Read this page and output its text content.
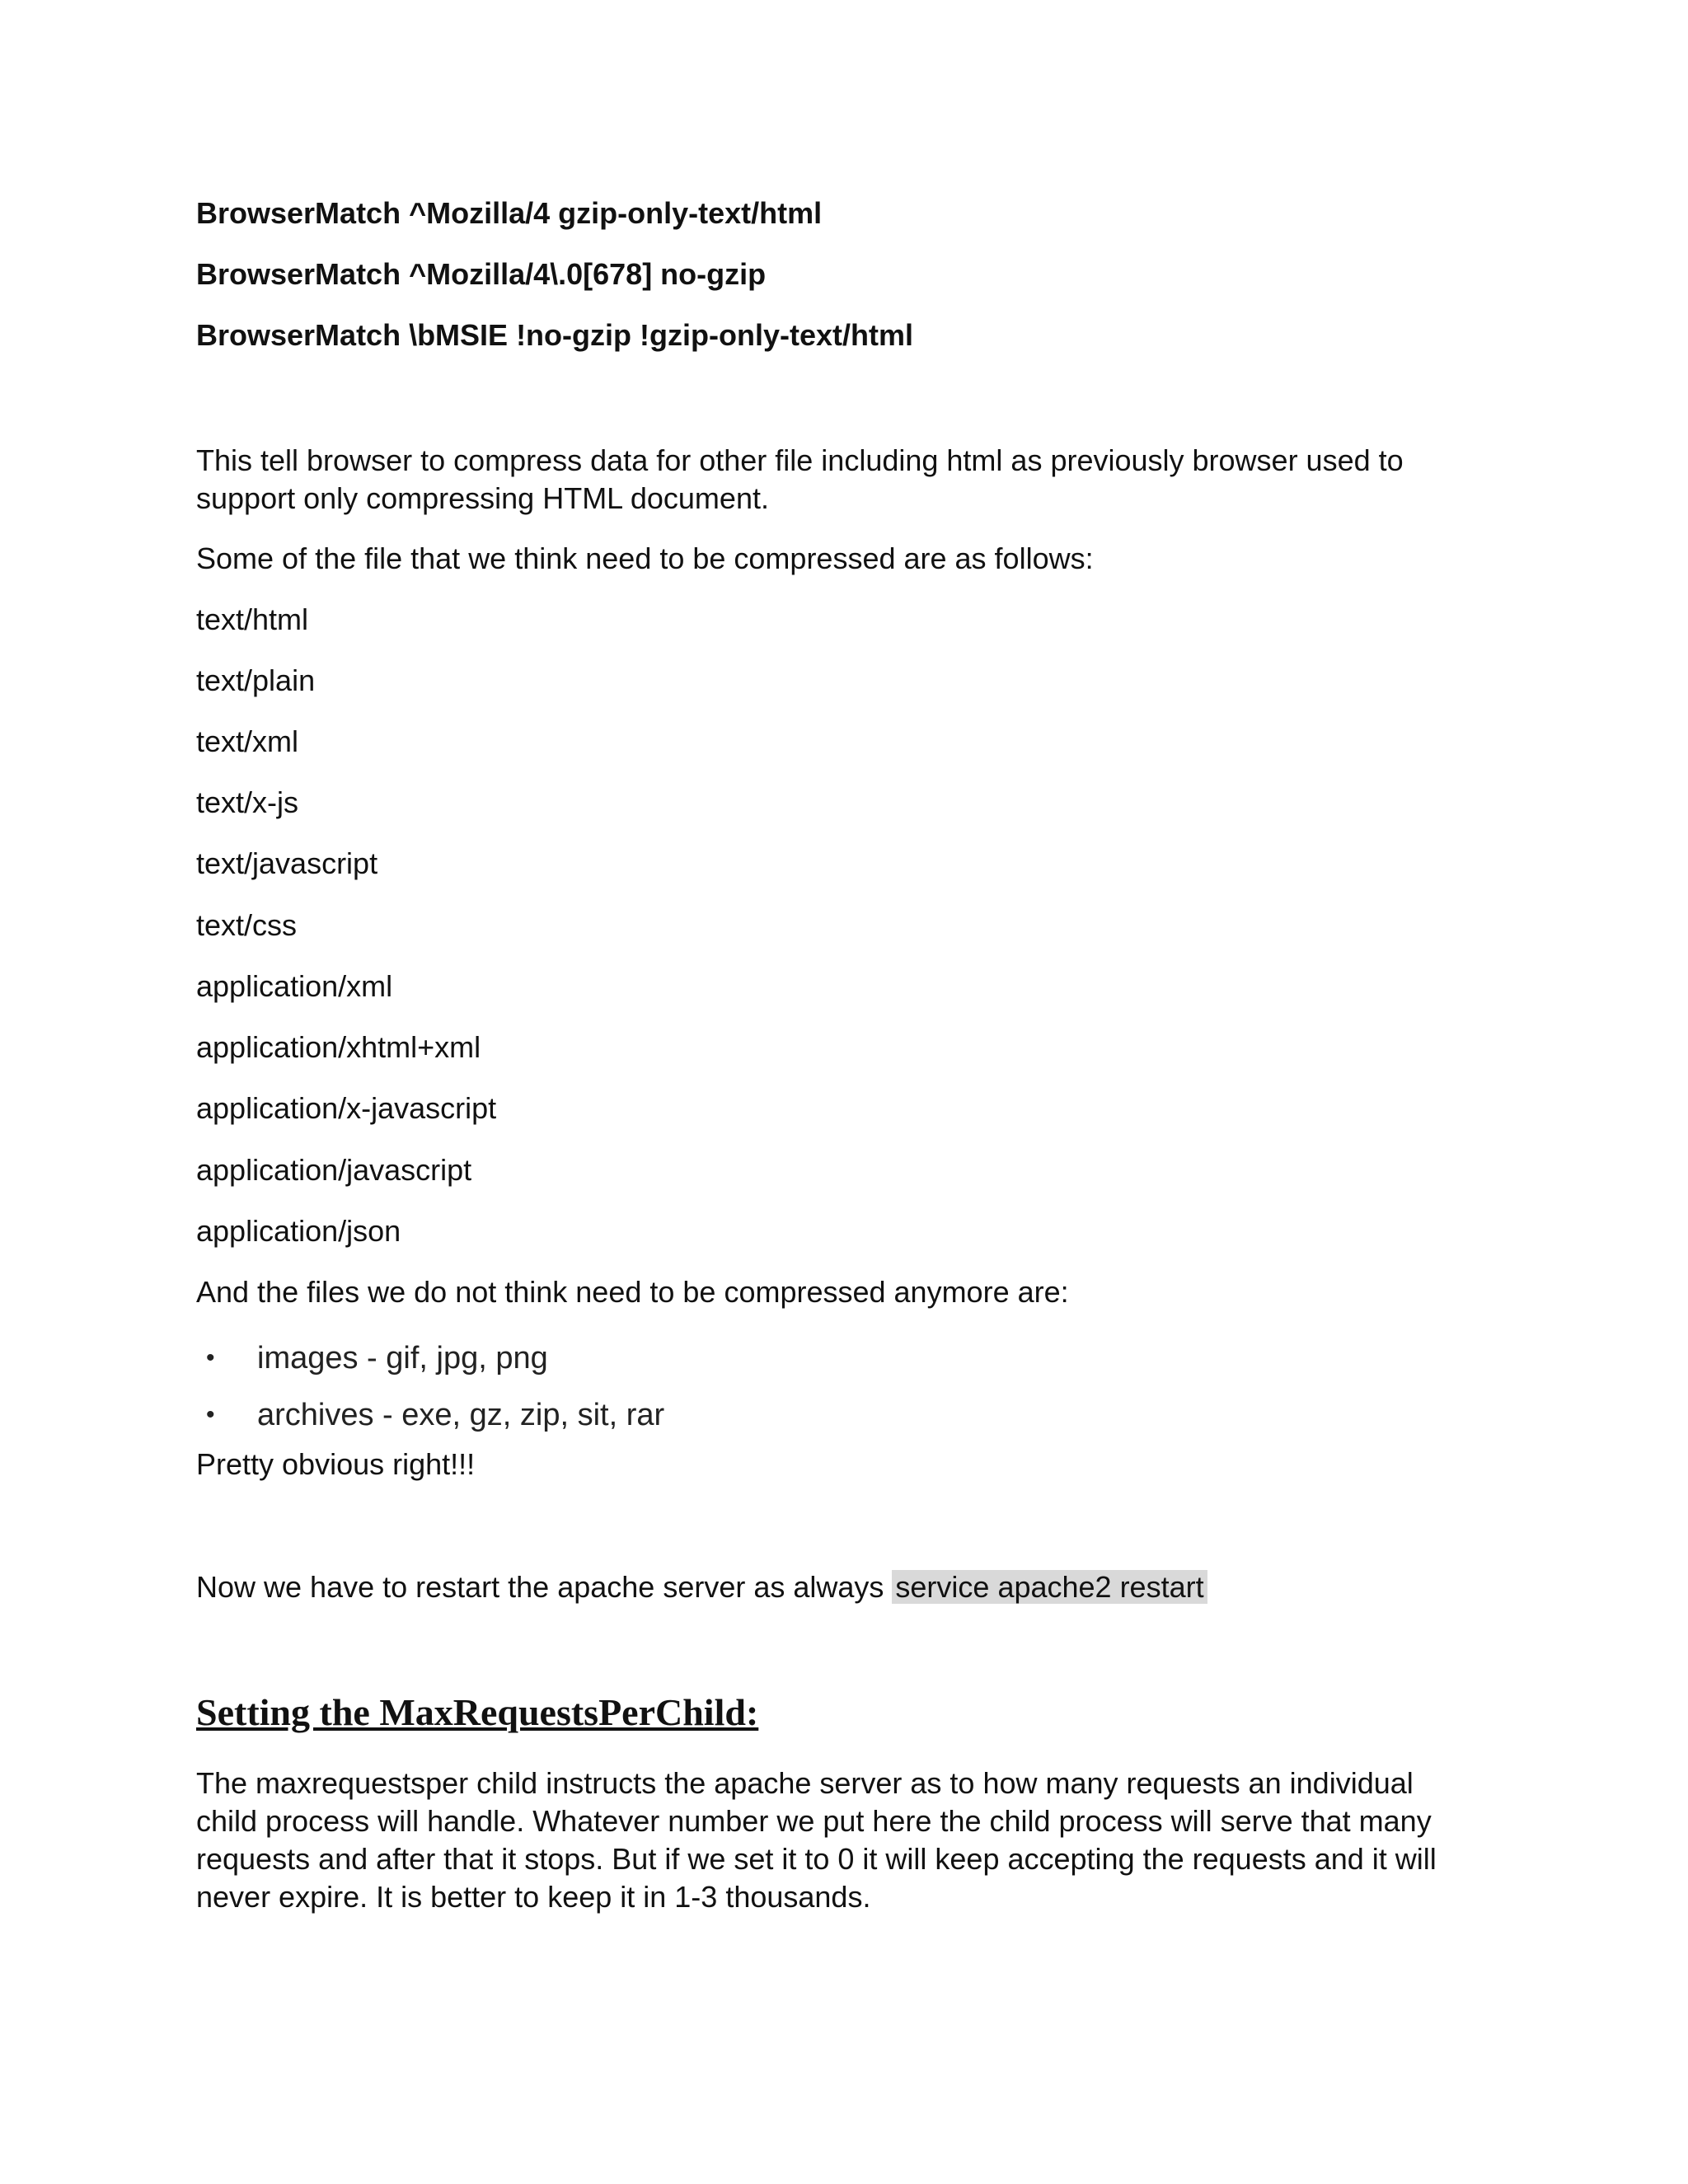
BrowserMatch ^Mozilla/4 gzip-only-text/html

BrowserMatch ^Mozilla/4\.0[678] no-gzip

BrowserMatch \bMSIE !no-gzip !gzip-only-text/html

This tell browser to compress data for other file including html as previously browser used to support only compressing HTML document.

Some of the file that we think need to be compressed are as follows:

text/html

text/plain

text/xml

text/x-js

text/javascript

text/css

application/xml

application/xhtml+xml

application/x-javascript

application/javascript

application/json

And the files we do not think need to be compressed anymore are:

• images - gif, jpg, png
• archives - exe, gz, zip, sit, rar

Pretty obvious right!!!

Now we have to restart the apache server as always service apache2 restart

Setting the MaxRequestsPerChild:

The maxrequestsper child instructs the apache server as to how many requests an individual child process will handle. Whatever number we put here the child process will serve that many requests and after that it stops. But if we set it to 0 it will keep accepting the requests and it will never expire. It is better to keep it in 1-3 thousands.
